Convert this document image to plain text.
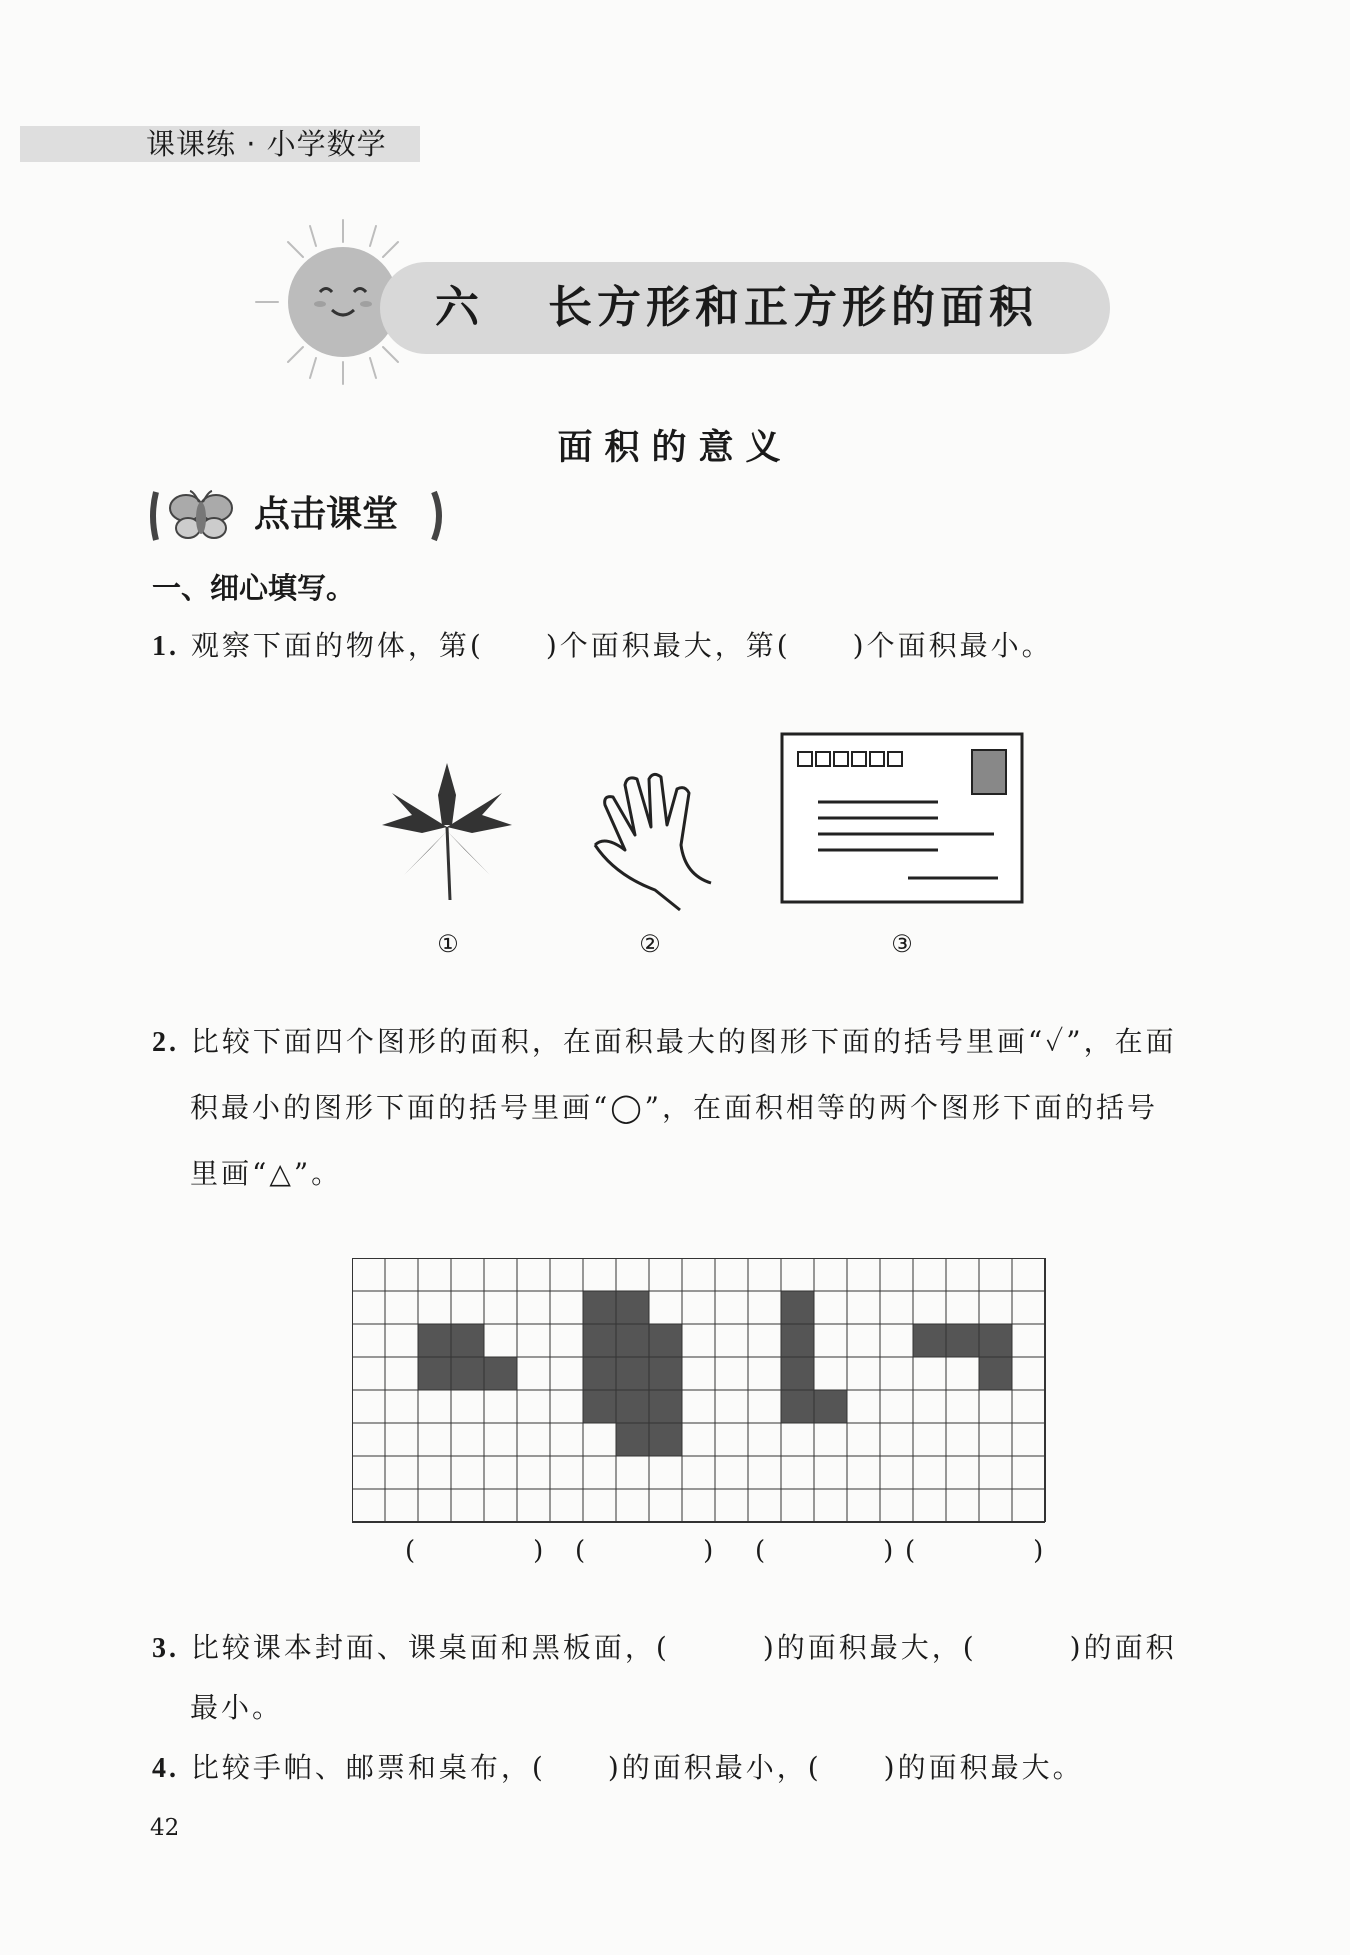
课课练 · 小学数学
六 长方形和正方形的面积
面积的意义
点击课堂
一、细心填写。
1. 观察下面的物体，第(　　)个面积最大，第(　　)个面积最小。
①	②	③
2. 比较下面四个图形的面积，在面积最大的图形下面的括号里画“✓”，在面
积最小的图形下面的括号里画“◯”，在面积相等的两个图形下面的括号
里画“△”。
(　)
(　)
(　)
(　)
3. 比较课本封面、课桌面和黑板面，(　　　)的面积最大，(　　　)的面积
最小。
4. 比较手帕、邮票和桌布，(　　)的面积最小，(　　)的面积最大。
42
